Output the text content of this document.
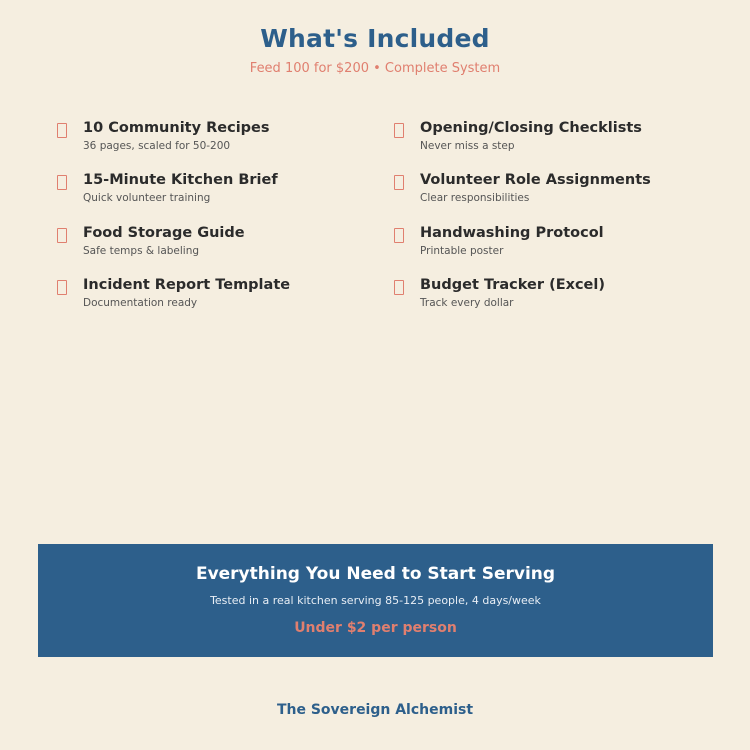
What's Included
Feed 100 for $200 • Complete System
10 Community Recipes
36 pages, scaled for 50-200
15-Minute Kitchen Brief
Quick volunteer training
Food Storage Guide
Safe temps & labeling
Incident Report Template
Documentation ready
Opening/Closing Checklists
Never miss a step
Volunteer Role Assignments
Clear responsibilities
Handwashing Protocol
Printable poster
Budget Tracker (Excel)
Track every dollar
Everything You Need to Start Serving
Tested in a real kitchen serving 85-125 people, 4 days/week
Under $2 per person
The Sovereign Alchemist
